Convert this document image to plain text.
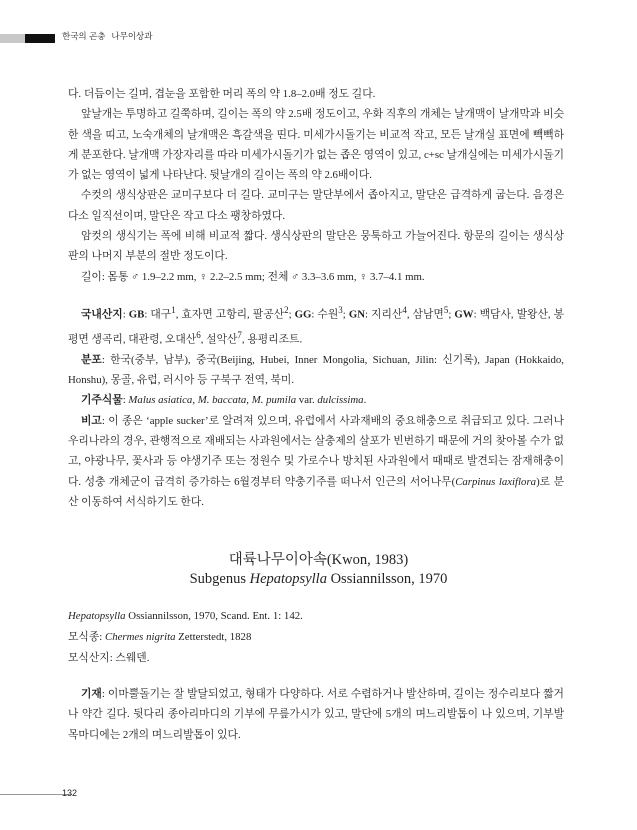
한국의 곤충 나무이상과

다. 더듬이는 길며, 겹눈을 포함한 머리 폭의 약 1.8–2.0배 정도 길다.

앞날개는 투명하고 길쭉하며, 길이는 폭의 약 2.5배 정도이고, 우화 직후의 개체는 날개맥이 날개막과 비슷한 색을 띠고, 노숙개체의 날개맥은 흑갈색을 띤다. 미세가시돌기는 비교적 작고, 모든 날개실 표면에 빽빽하게 분포한다. 날개맥 가장자리를 따라 미세가시돌기가 없는 좁은 영역이 있고, c+sc 날개실에는 미세가시돌기가 없는 영역이 넓게 나타난다. 뒷날개의 길이는 폭의 약 2.6배이다.

수컷의 생식상판은 교미구보다 더 길다. 교미구는 말단부에서 좁아지고, 말단은 급격하게 굽는다. 음경은 다소 일직선이며, 말단은 작고 다소 팽창하였다.

암컷의 생식기는 폭에 비해 비교적 짧다. 생식상판의 말단은 뭉툭하고 가늘어진다. 항문의 길이는 생식상판의 나머지 부분의 절반 정도이다.

길이: 몸통 ♂ 1.9–2.2 mm, ♀ 2.2–2.5 mm; 전체 ♂ 3.3–3.6 mm, ♀ 3.7–4.1 mm.

국내산지: GB: 대구$^1$, 효자면 고항리, 팔공산$^2$; GG: 수원$^3$; GN: 지리산$^4$, 삼남면$^5$; GW: 백담사, 발왕산, 봉평면 생곡리, 대관령, 오대산$^6$, 설악산$^7$, 용평리조트.

분포: 한국(중부, 남부), 중국(Beijing, Hubei, Inner Mongolia, Sichuan, Jilin: 신기록), Japan (Hokkaido, Honshu), 몽골, 유럽, 러시아 등 구북구 전역, 북미.

기주식물: Malus asiatica, M. baccata, M. pumila var. dulcissima.

비고: 이 종은 ‘apple sucker’로 알려져 있으며, 유럽에서 사과재배의 중요해충으로 취급되고 있다. 그러나 우리나라의 경우, 관행적으로 재배되는 사과원에서는 살충제의 살포가 빈번하기 때문에 거의 찾아볼 수가 없고, 야광나무, 꽃사과 등 야생기주 또는 정원수 및 가로수나 방치된 사과원에서 때때로 발견되는 잠재해충이다. 성충 개체군이 급격히 증가하는 6월경부터 약충기주를 떠나서 인근의 서어나무(Carpinus laxiflora)로 분산 이동하여 서식하기도 한다.

대륙나무이아속(Kwon, 1983)
Subgenus Hepatopsylla Ossiannilsson, 1970

Hepatopsylla Ossiannilsson, 1970, Scand. Ent. 1: 142.

모식종: Chermes nigrita Zetterstedt, 1828

모식산지: 스웨덴.

기재: 이마뿔돌기는 잘 발달되었고, 형태가 다양하다. 서로 수렴하거나 발산하며, 길이는 정수리보다 짧거나 약간 길다. 뒷다리 종아리마디의 기부에 무릎가시가 있고, 말단에 5개의 며느리발톱이 나 있으며, 기부발목마디에는 2개의 며느리발톱이 있다.

132
